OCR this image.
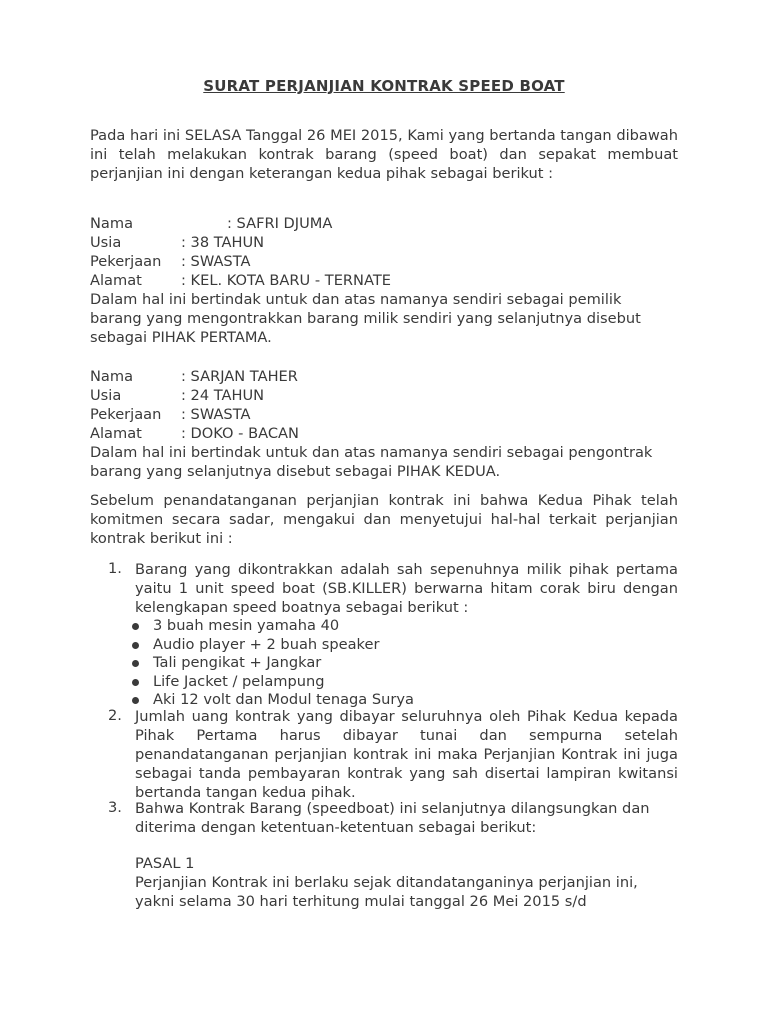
SURAT PERJANJIAN KONTRAK SPEED BOAT
Pada hari ini SELASA Tanggal 26 MEI 2015, Kami yang bertanda tangan dibawah ini telah melakukan kontrak barang (speed boat) dan sepakat membuat perjanjian ini dengan keterangan kedua pihak sebagai berikut :
Nama	: SAFRI DJUMA
Usia	: 38 TAHUN
Pekerjaan	: SWASTA
Alamat	: KEL. KOTA BARU - TERNATE
Dalam hal ini bertindak untuk dan atas namanya sendiri sebagai pemilik barang yang mengontrakkan barang milik sendiri yang selanjutnya disebut sebagai PIHAK PERTAMA.
Nama	: SARJAN TAHER
Usia	: 24 TAHUN
Pekerjaan	: SWASTA
Alamat	: DOKO - BACAN
Dalam hal ini bertindak untuk dan atas namanya sendiri sebagai pengontrak barang yang selanjutnya disebut sebagai PIHAK KEDUA.
Sebelum penandatanganan perjanjian kontrak ini bahwa Kedua Pihak telah komitmen secara sadar, mengakui dan menyetujui hal-hal terkait perjanjian kontrak berikut ini :
1. Barang yang dikontrakkan adalah sah sepenuhnya milik pihak pertama yaitu 1 unit speed boat (SB.KILLER) berwarna hitam corak biru dengan kelengkapan speed boatnya sebagai berikut :
3 buah mesin yamaha 40
Audio player + 2 buah speaker
Tali pengikat + Jangkar
Life Jacket / pelampung
Aki 12 volt dan Modul tenaga Surya
2. Jumlah uang kontrak yang dibayar seluruhnya oleh Pihak Kedua kepada Pihak Pertama harus dibayar tunai dan sempurna setelah penandatanganan perjanjian kontrak ini maka Perjanjian Kontrak ini juga sebagai tanda pembayaran kontrak yang sah disertai lampiran kwitansi bertanda tangan kedua pihak.
3. Bahwa Kontrak Barang (speedboat) ini selanjutnya dilangsungkan dan diterima dengan ketentuan-ketentuan sebagai berikut:
PASAL 1
Perjanjian Kontrak ini berlaku sejak ditandatanganinya perjanjian ini, yakni selama 30 hari terhitung mulai tanggal 26 Mei 2015 s/d
